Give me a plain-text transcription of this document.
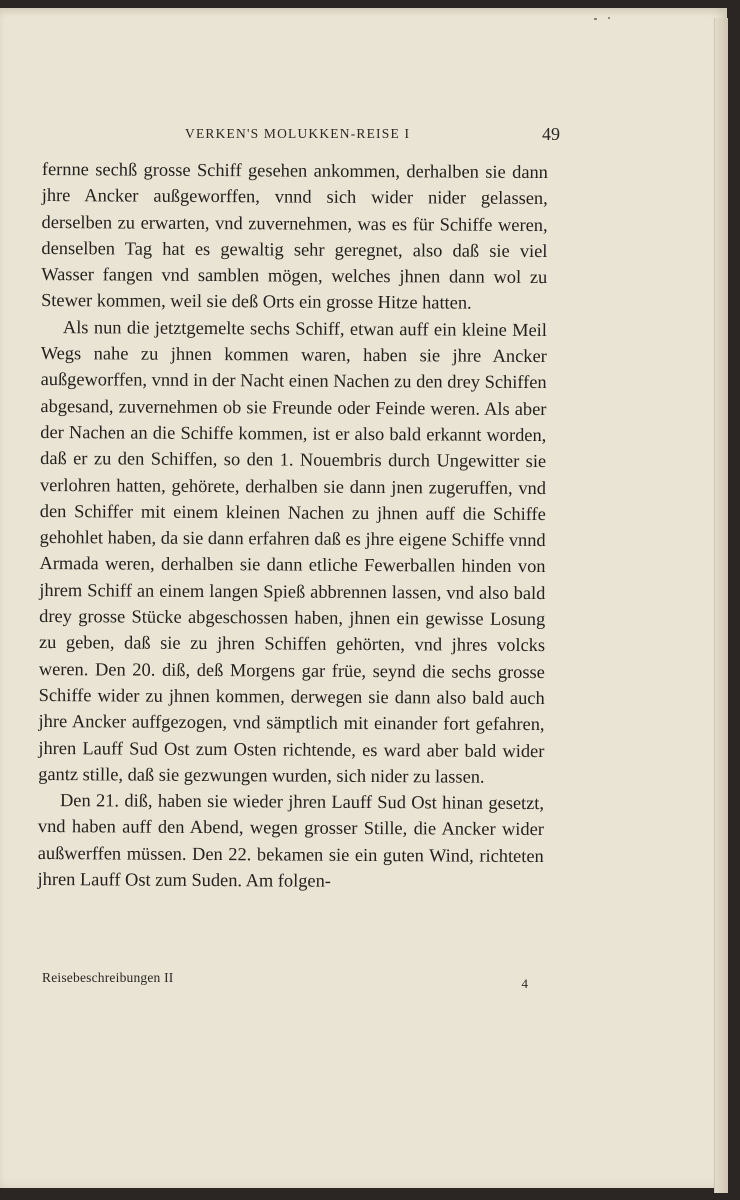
VERKEN'S MOLUKKEN-REISE I	49

fernne sechß grosse Schiff gesehen ankommen, derhalben sie dann jhre Ancker außgeworffen, vnnd sich wider nider gelassen, derselben zu erwarten, vnd zuvernehmen, was es für Schiffe weren, denselben Tag hat es gewaltig sehr geregnet, also daß sie viel Wasser fangen vnd samblen mögen, welches jhnen dann wol zu Stewer kommen, weil sie deß Orts ein grosse Hitze hatten.

Als nun die jetztgemelte sechs Schiff, etwan auff ein kleine Meil Wegs nahe zu jhnen kommen waren, haben sie jhre Ancker außgeworffen, vnnd in der Nacht einen Nachen zu den drey Schiffen abgesand, zuvernehmen ob sie Freunde oder Feinde weren. Als aber der Nachen an die Schiffe kommen, ist er also bald erkannt worden, daß er zu den Schiffen, so den 1. Nouembris durch Ungewitter sie verlohren hatten, gehörete, derhalben sie dann jnen zugeruffen, vnd den Schiffer mit einem kleinen Nachen zu jhnen auff die Schiffe gehohlet haben, da sie dann erfahren daß es jhre eigene Schiffe vnnd Armada weren, derhalben sie dann etliche Fewerballen hinden von jhrem Schiff an einem langen Spieß abbrennen lassen, vnd also bald drey grosse Stücke abgeschossen haben, jhnen ein gewisse Losung zu geben, daß sie zu jhren Schiffen gehörten, vnd jhres volcks weren. Den 20. diß, deß Morgens gar früe, seynd die sechs grosse Schiffe wider zu jhnen kommen, derwegen sie dann also bald auch jhre Ancker auffgezogen, vnd sämptlich mit einander fort gefahren, jhren Lauff Sud Ost zum Osten richtende, es ward aber bald wider gantz stille, daß sie gezwungen wurden, sich nider zu lassen.

Den 21. diß, haben sie wieder jhren Lauff Sud Ost hinan gesetzt, vnd haben auff den Abend, wegen grosser Stille, die Ancker wider außwerffen müssen. Den 22. bekamen sie ein guten Wind, richteten jhren Lauff Ost zum Suden. Am folgen-

Reisebeschreibungen II	4
